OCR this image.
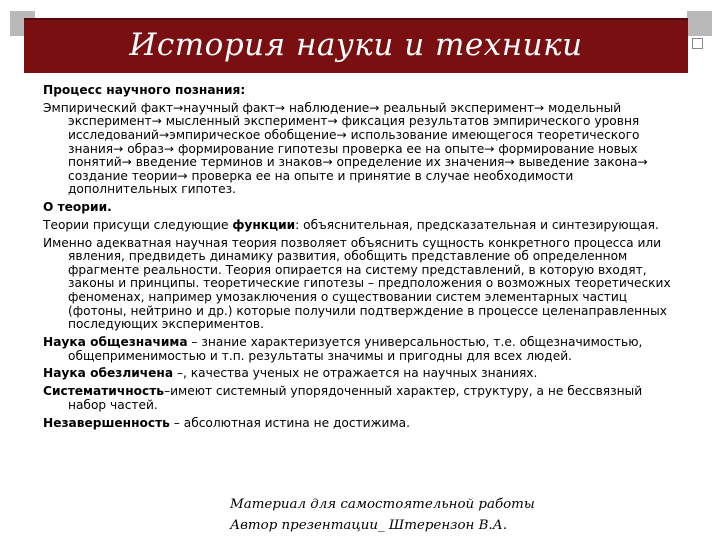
История науки и техники

Процесс научного познания:

Эмпирический факт→научный факт→ наблюдение→ реальный эксперимент→ модельный эксперимент→ мысленный эксперимент→ фиксация результатов эмпирического уровня исследований→эмпирическое обобщение→ использование имеющегося теоретического знания→ образ→ формирование гипотезы проверка ее на опыте→ формирование новых понятий→ введение терминов и знаков→ определение их значения→ выведение закона→ создание теории→ проверка ее на опыте и принятие в случае необходимости дополнительных гипотез.

О теории.

Теории присущи следующие функции: объяснительная, предсказательная и синтезирующая.

Именно адекватная научная теория позволяет объяснить сущность конкретного процесса или явления, предвидеть динамику развития, обобщить представление об определенном фрагменте реальности. Теория опирается на систему представлений, в которую входят, законы и принципы. теоретические гипотезы – предположения о возможных теоретических феноменах, например умозаключения о существовании систем элементарных частиц (фотоны, нейтрино и др.) которые получили подтверждение в процессе целенаправленных последующих экспериментов.

Наука общезначима – знание характеризуется универсальностью, т.е. общезначимостью, общеприменимостью и т.п. результаты значимы и пригодны для всех людей.

Наука обезличена –, качества ученых не отражается на научных знаниях.

Систематичность–имеют системный упорядоченный характер, структуру, а не бессвязный набор частей.

Незавершенность – абсолютная истина не достижима.

Материал для самостоятельной работы
Автор презентации_ Штерензон В.А.
